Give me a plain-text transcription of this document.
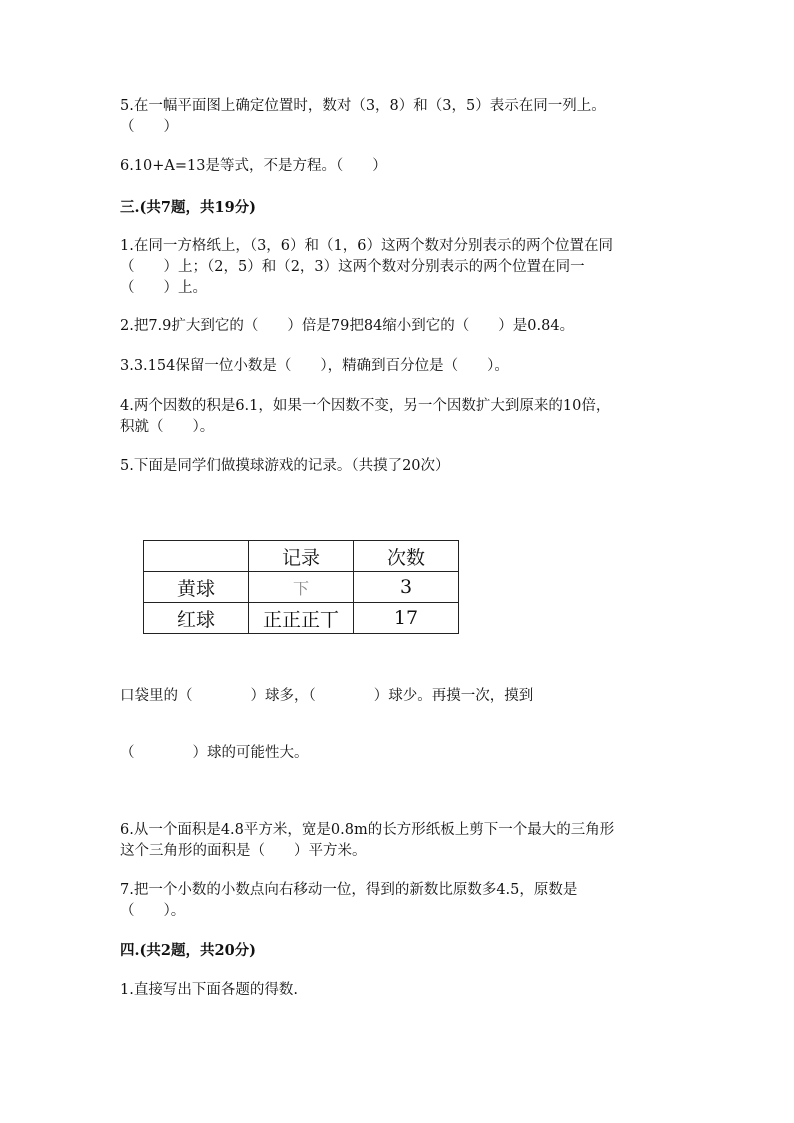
5.在一幅平面图上确定位置时，数对（3，8）和（3，5）表示在同一列上。
（　　）
6.10+A=13是等式，不是方程。（　　）
三.(共7题，共19分)
1.在同一方格纸上，（3，6）和（1，6）这两个数对分别表示的两个位置在同
（　　）上；（2，5）和（2，3）这两个数对分别表示的两个位置在同一
（　　）上。
2.把7.9扩大到它的（　　）倍是79把84缩小到它的（　　）是0.84。
3.3.154保留一位小数是（　　），精确到百分位是（　　）。
4.两个因数的积是6.1，如果一个因数不变，另一个因数扩大到原来的10倍，
积就（　　）。
5.下面是同学们做摸球游戏的记录。（共摸了20次）
	记录	次数
黄球	下	3
红球	正正正丅	17
口袋里的（　　　　）球多，（　　　　）球少。再摸一次，摸到
（　　　　）球的可能性大。
6.从一个面积是4.8平方米，宽是0.8m的长方形纸板上剪下一个最大的三角形
这个三角形的面积是（　　）平方米。
7.把一个小数的小数点向右移动一位，得到的新数比原数多4.5，原数是
（　　）。
四.(共2题，共20分)
1.直接写出下面各题的得数.
